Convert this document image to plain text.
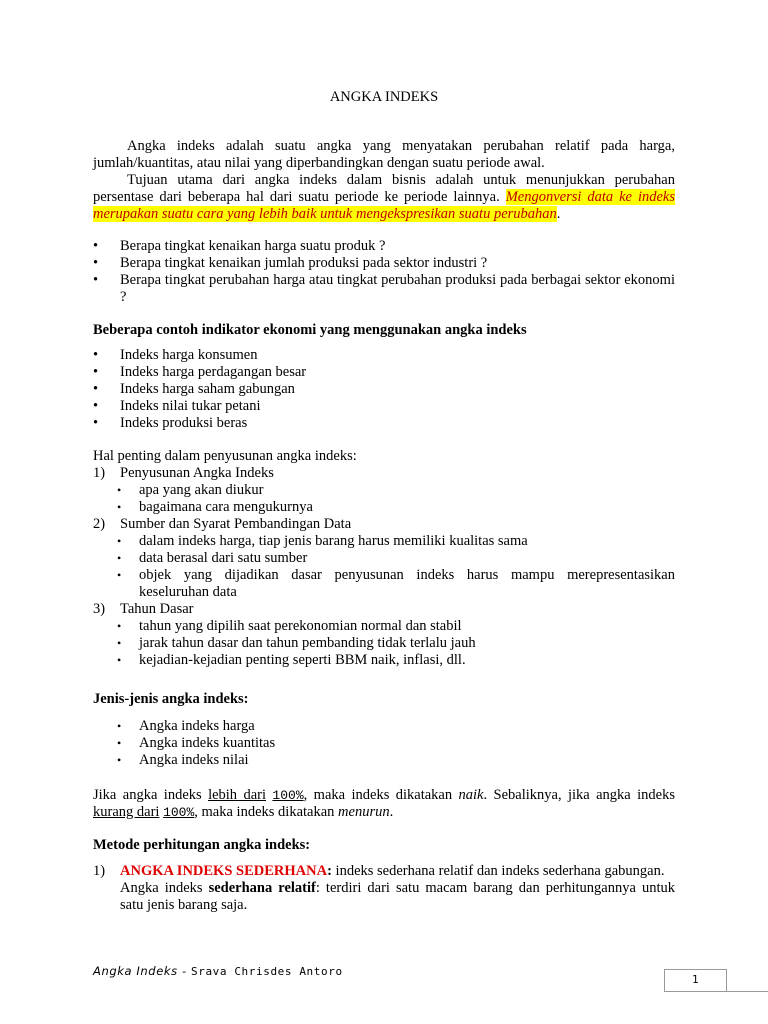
ANGKA INDEKS
Angka indeks adalah suatu angka yang menyatakan perubahan relatif pada harga, jumlah/kuantitas, atau nilai yang diperbandingkan dengan suatu periode awal.
Tujuan utama dari angka indeks dalam bisnis adalah untuk menunjukkan perubahan persentase dari beberapa hal dari suatu periode ke periode lainnya. Mengonversi data ke indeks merupakan suatu cara yang lebih baik untuk mengekspresikan suatu perubahan.
• Berapa tingkat kenaikan harga suatu produk ?
• Berapa tingkat kenaikan jumlah produksi pada sektor industri ?
• Berapa tingkat perubahan harga atau tingkat perubahan produksi pada berbagai sektor ekonomi ?
Beberapa contoh indikator ekonomi yang menggunakan angka indeks
• Indeks harga konsumen
• Indeks harga perdagangan besar
• Indeks harga saham gabungan
• Indeks nilai tukar petani
• Indeks produksi beras
Hal penting dalam penyusunan angka indeks:
1) Penyusunan Angka Indeks
• apa yang akan diukur
• bagaimana cara mengukurnya
2) Sumber dan Syarat Pembandingan Data
• dalam indeks harga, tiap jenis barang harus memiliki kualitas sama
• data berasal dari satu sumber
• objek yang dijadikan dasar penyusunan indeks harus mampu merepresentasikan keseluruhan data
3) Tahun Dasar
• tahun yang dipilih saat perekonomian normal dan stabil
• jarak tahun dasar dan tahun pembanding tidak terlalu jauh
• kejadian-kejadian penting seperti BBM naik, inflasi, dll.
Jenis-jenis angka indeks:
• Angka indeks harga
• Angka indeks kuantitas
• Angka indeks nilai
Jika angka indeks lebih dari 100%, maka indeks dikatakan naik. Sebaliknya, jika angka indeks kurang dari 100%, maka indeks dikatakan menurun.
Metode perhitungan angka indeks:
1) ANGKA INDEKS SEDERHANA: indeks sederhana relatif dan indeks sederhana gabungan.
Angka indeks sederhana relatif: terdiri dari satu macam barang dan perhitungannya untuk satu jenis barang saja.
Angka Indeks - Srava Chrisdes Antoro
1
